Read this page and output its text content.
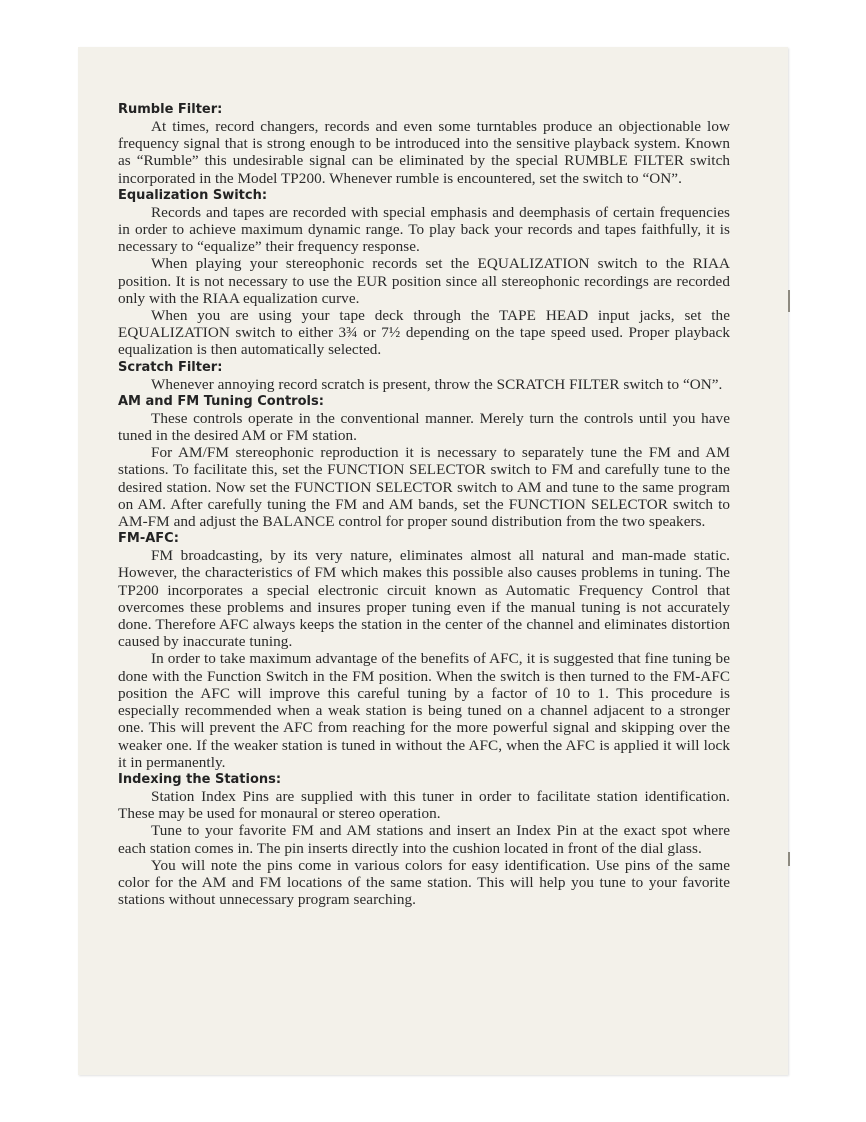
Rumble Filter:

At times, record changers, records and even some turntables produce an objectionable low frequency signal that is strong enough to be introduced into the sensitive playback system. Known as “Rumble” this undesirable signal can be eliminated by the special RUMBLE FILTER switch incorporated in the Model TP200. Whenever rumble is encountered, set the switch to “ON”.

Equalization Switch:

Records and tapes are recorded with special emphasis and deemphasis of certain frequencies in order to achieve maximum dynamic range. To play back your records and tapes faithfully, it is necessary to “equalize” their frequency response.

When playing your stereophonic records set the EQUALIZATION switch to the RIAA position. It is not necessary to use the EUR position since all stereophonic recordings are recorded only with the RIAA equalization curve.

When you are using your tape deck through the TAPE HEAD input jacks, set the EQUALIZATION switch to either 3¾ or 7½ depending on the tape speed used. Proper playback equalization is then automatically selected.

Scratch Filter:

Whenever annoying record scratch is present, throw the SCRATCH FILTER switch to “ON”.

AM and FM Tuning Controls:

These controls operate in the conventional manner. Merely turn the controls until you have tuned in the desired AM or FM station.

For AM/FM stereophonic reproduction it is necessary to separately tune the FM and AM stations. To facilitate this, set the FUNCTION SELECTOR switch to FM and carefully tune to the desired station. Now set the FUNCTION SELECTOR switch to AM and tune to the same program on AM. After carefully tuning the FM and AM bands, set the FUNCTION SELECTOR switch to AM-FM and adjust the BALANCE control for proper sound distribution from the two speakers.

FM-AFC:

FM broadcasting, by its very nature, eliminates almost all natural and man-made static. However, the characteristics of FM which makes this possible also causes problems in tuning. The TP200 incorporates a special electronic circuit known as Automatic Frequency Control that overcomes these problems and insures proper tuning even if the manual tuning is not accurately done. Therefore AFC always keeps the station in the center of the channel and eliminates distortion caused by inaccurate tuning.

In order to take maximum advantage of the benefits of AFC, it is suggested that fine tuning be done with the Function Switch in the FM position. When the switch is then turned to the FM-AFC position the AFC will improve this careful tuning by a factor of 10 to 1. This procedure is especially recommended when a weak station is being tuned on a channel adjacent to a stronger one. This will prevent the AFC from reaching for the more powerful signal and skipping over the weaker one. If the weaker station is tuned in without the AFC, when the AFC is applied it will lock it in permanently.

Indexing the Stations:

Station Index Pins are supplied with this tuner in order to facilitate station identification. These may be used for monaural or stereo operation.

Tune to your favorite FM and AM stations and insert an Index Pin at the exact spot where each station comes in. The pin inserts directly into the cushion located in front of the dial glass.

You will note the pins come in various colors for easy identification. Use pins of the same color for the AM and FM locations of the same station. This will help you tune to your favorite stations without unnecessary program searching.
